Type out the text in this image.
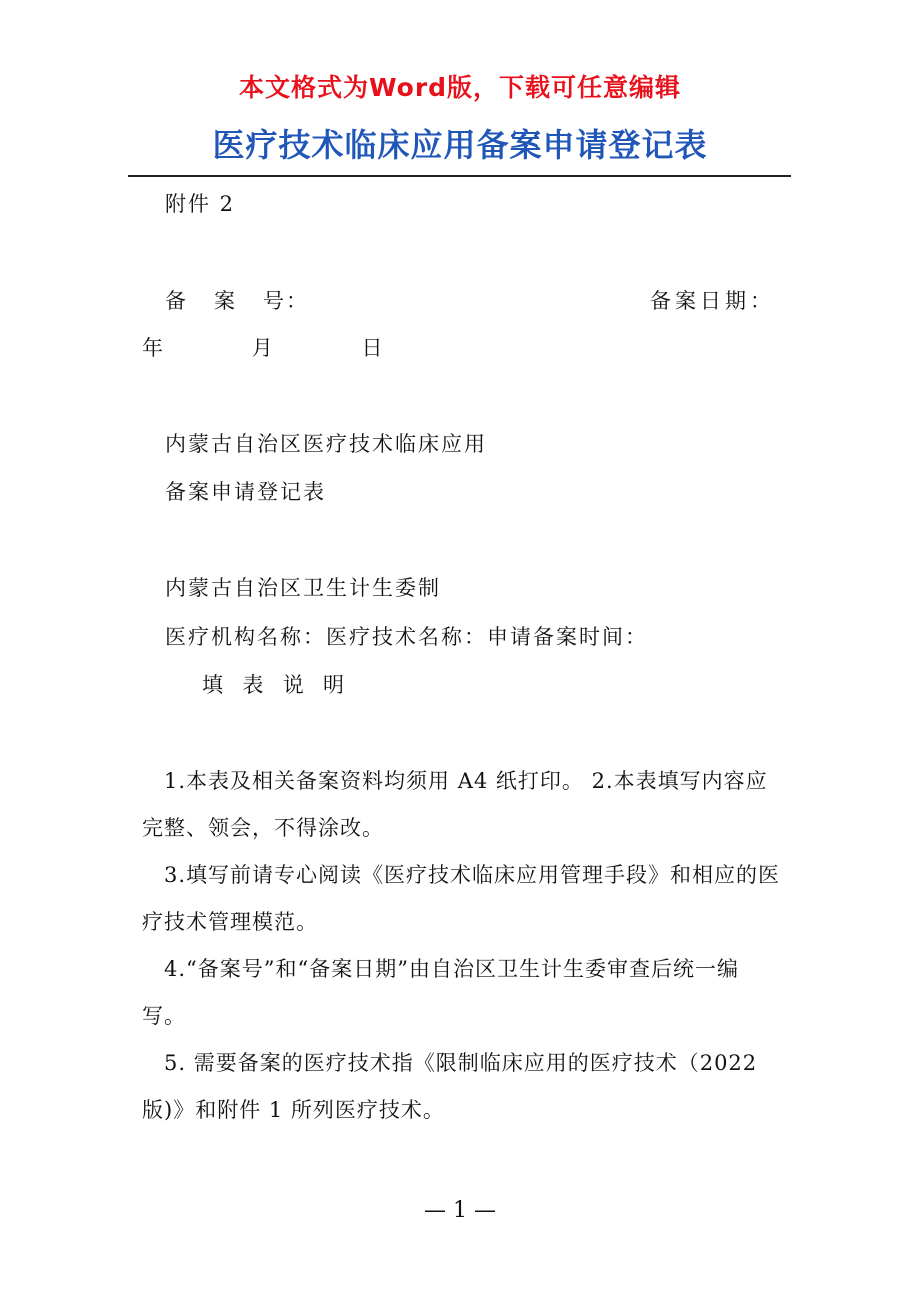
本文格式为Word版，下载可任意编辑
医疗技术临床应用备案申请登记表
附件 2
备   案   号：	备案日期：
年          月          日
内蒙古自治区医疗技术临床应用
备案申请登记表
内蒙古自治区卫生计生委制
医疗机构名称：医疗技术名称：申请备案时间：
填  表  说  明
1.本表及相关备案资料均须用 A4 纸打印。 2.本表填写内容应完整、领会，不得涂改。
3.填写前请专心阅读《医疗技术临床应用管理手段》和相应的医疗技术管理模范。
4.“备案号”和“备案日期”由自治区卫生计生委审查后统一编写。
5. 需要备案的医疗技术指《限制临床应用的医疗技术（2022 版)》和附件 1 所列医疗技术。
— 1 —
